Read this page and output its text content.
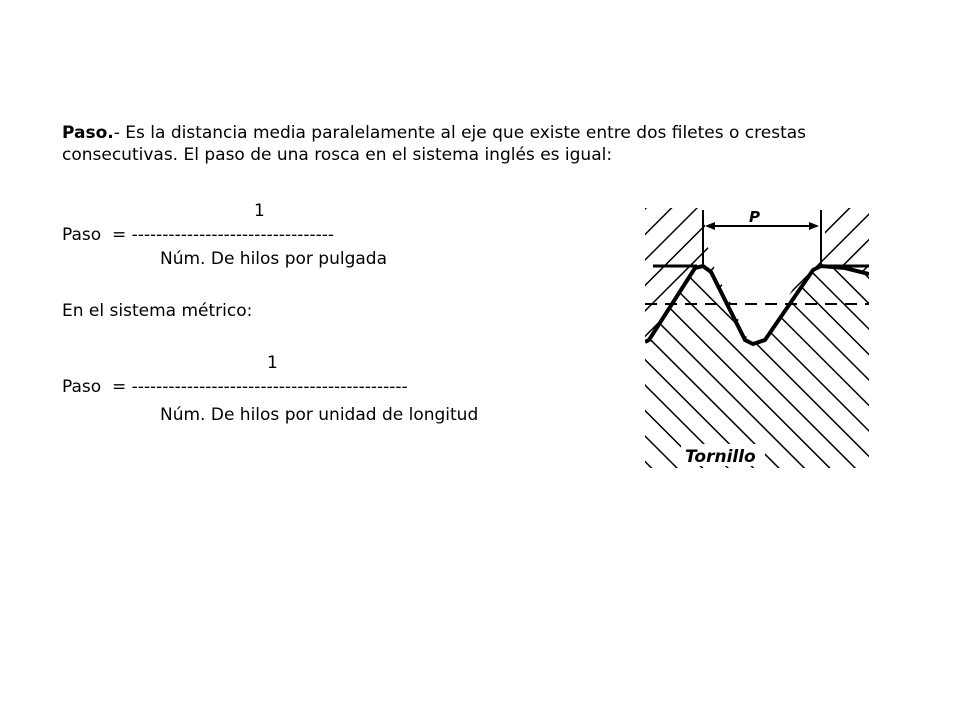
Paso.- Es la distancia media paralelamente al eje que existe entre dos filetes o crestas consecutivas. El paso de una rosca en el sistema inglés es igual:
1
Paso  = ---------------------------------
Núm. De hilos por pulgada
En el sistema métrico:
1
Paso  = ---------------------------------------------
Núm. De hilos por unidad de longitud
P
Tornillo
